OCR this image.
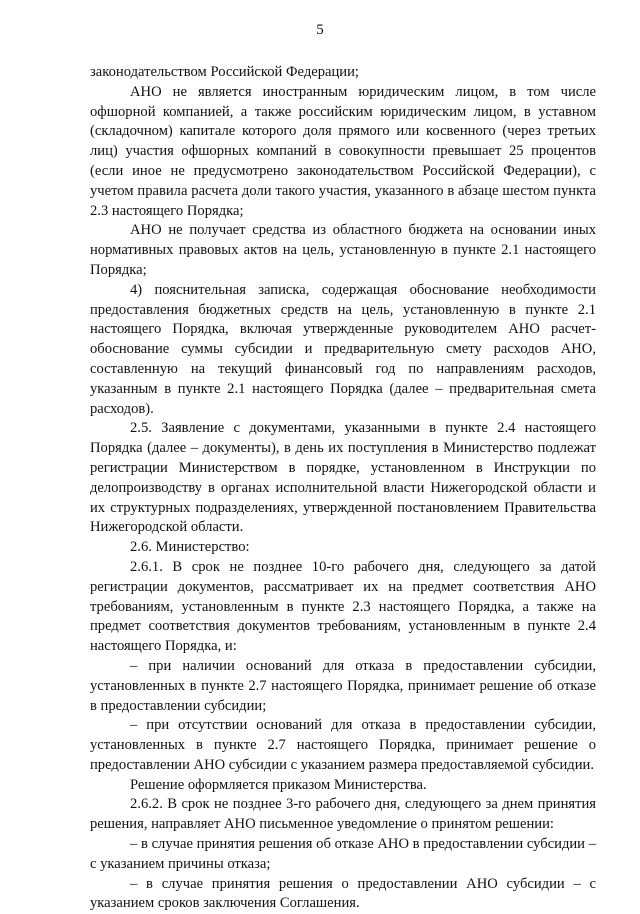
5

законодательством Российской Федерации;

АНО не является иностранным юридическим лицом, в том числе офшорной компанией, а также российским юридическим лицом, в уставном (складочном) капитале которого доля прямого или косвенного (через третьих лиц) участия офшорных компаний в совокупности превышает 25 процентов (если иное не предусмотрено законодательством Российской Федерации), с учетом правила расчета доли такого участия, указанного в абзаце шестом пункта 2.3 настоящего Порядка;

АНО не получает средства из областного бюджета на основании иных нормативных правовых актов на цель, установленную в пункте 2.1 настоящего Порядка;

4) пояснительная записка, содержащая обоснование необходимости предоставления бюджетных средств на цель, установленную в пункте 2.1 настоящего Порядка, включая утвержденные руководителем АНО расчет-обоснование суммы субсидии и предварительную смету расходов АНО, составленную на текущий финансовый год по направлениям расходов, указанным в пункте 2.1 настоящего Порядка (далее – предварительная смета расходов).

2.5. Заявление с документами, указанными в пункте 2.4 настоящего Порядка (далее – документы), в день их поступления в Министерство подлежат регистрации Министерством в порядке, установленном в Инструкции по делопроизводству в органах исполнительной власти Нижегородской области и их структурных подразделениях, утвержденной постановлением Правительства Нижегородской области.

2.6. Министерство:

2.6.1. В срок не позднее 10-го рабочего дня, следующего за датой регистрации документов, рассматривает их на предмет соответствия АНО требованиям, установленным в пункте 2.3 настоящего Порядка, а также на предмет соответствия документов требованиям, установленным в пункте 2.4 настоящего Порядка, и:

– при наличии оснований для отказа в предоставлении субсидии, установленных в пункте 2.7 настоящего Порядка, принимает решение об отказе в предоставлении субсидии;

– при отсутствии оснований для отказа в предоставлении субсидии, установленных в пункте 2.7 настоящего Порядка, принимает решение о предоставлении АНО субсидии с указанием размера предоставляемой субсидии.

Решение оформляется приказом Министерства.

2.6.2. В срок не позднее 3-го рабочего дня, следующего за днем принятия решения, направляет АНО письменное уведомление о принятом решении:

– в случае принятия решения об отказе АНО в предоставлении субсидии – с указанием причины отказа;

– в случае принятия решения о предоставлении АНО субсидии – с указанием сроков заключения Соглашения.
